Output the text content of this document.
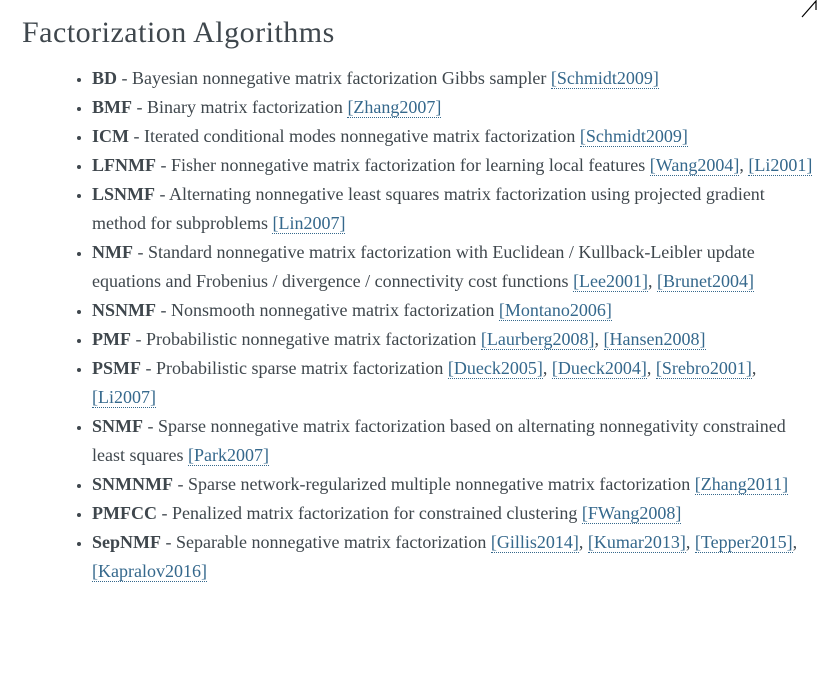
Factorization Algorithms
• BD - Bayesian nonnegative matrix factorization Gibbs sampler [Schmidt2009]
• BMF - Binary matrix factorization [Zhang2007]
• ICM - Iterated conditional modes nonnegative matrix factorization [Schmidt2009]
• LFNMF - Fisher nonnegative matrix factorization for learning local features [Wang2004], [Li2001]
• LSNMF - Alternating nonnegative least squares matrix factorization using projected gradient method for subproblems [Lin2007]
• NMF - Standard nonnegative matrix factorization with Euclidean / Kullback-Leibler update equations and Frobenius / divergence / connectivity cost functions [Lee2001], [Brunet2004]
• NSNMF - Nonsmooth nonnegative matrix factorization [Montano2006]
• PMF - Probabilistic nonnegative matrix factorization [Laurberg2008], [Hansen2008]
• PSMF - Probabilistic sparse matrix factorization [Dueck2005], [Dueck2004], [Srebro2001], [Li2007]
• SNMF - Sparse nonnegative matrix factorization based on alternating nonnegativity constrained least squares [Park2007]
• SNMNMF - Sparse network-regularized multiple nonnegative matrix factorization [Zhang2011]
• PMFCC - Penalized matrix factorization for constrained clustering [FWang2008]
• SepNMF - Separable nonnegative matrix factorization [Gillis2014], [Kumar2013], [Tepper2015], [Kapralov2016]
